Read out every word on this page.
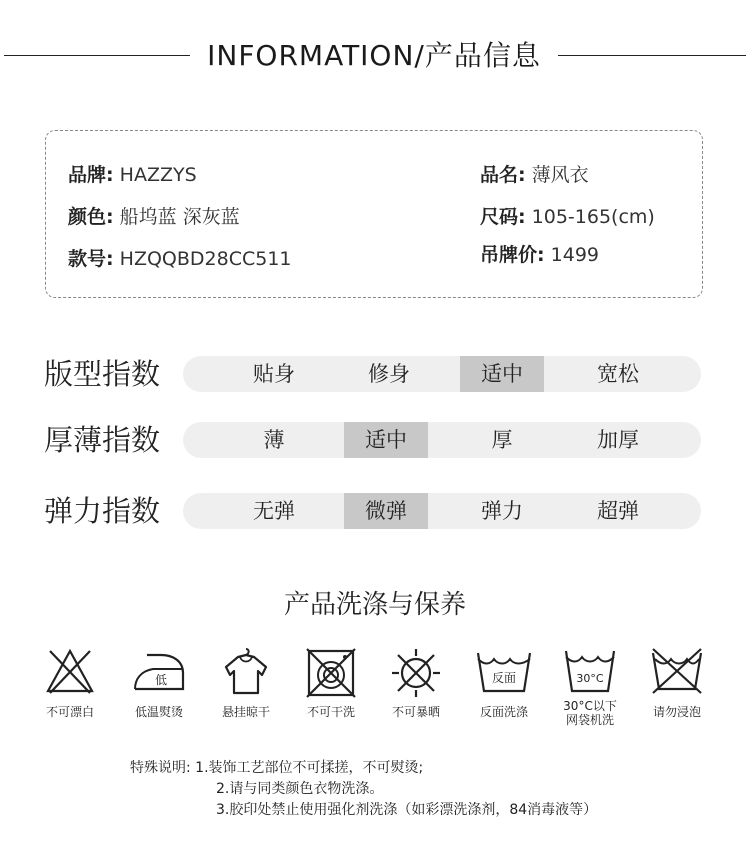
INFORMATION/产品信息
品牌: HAZZYS	品名: 薄风衣
颜色: 船坞蓝 深灰蓝	尺码: 105-165(cm)
款号: HZQQBD28CC511	吊牌价: 1499
版型指数	贴身	修身	适中	宽松
厚薄指数	薄	适中	厚	加厚
弹力指数	无弹	微弹	弹力	超弹
产品洗涤与保养
不可漂白
低
低温熨烫	悬挂晾干	不可干洗	不可暴晒
反面
反面洗涤
30°C
30°C以下
网袋机洗
请勿浸泡
特殊说明: 1.装饰工艺部位不可揉搓，不可熨烫;
2.请与同类颜色衣物洗涤。
3.胶印处禁止使用强化剂洗涤（如彩漂洗涤剂，84消毒液等）
